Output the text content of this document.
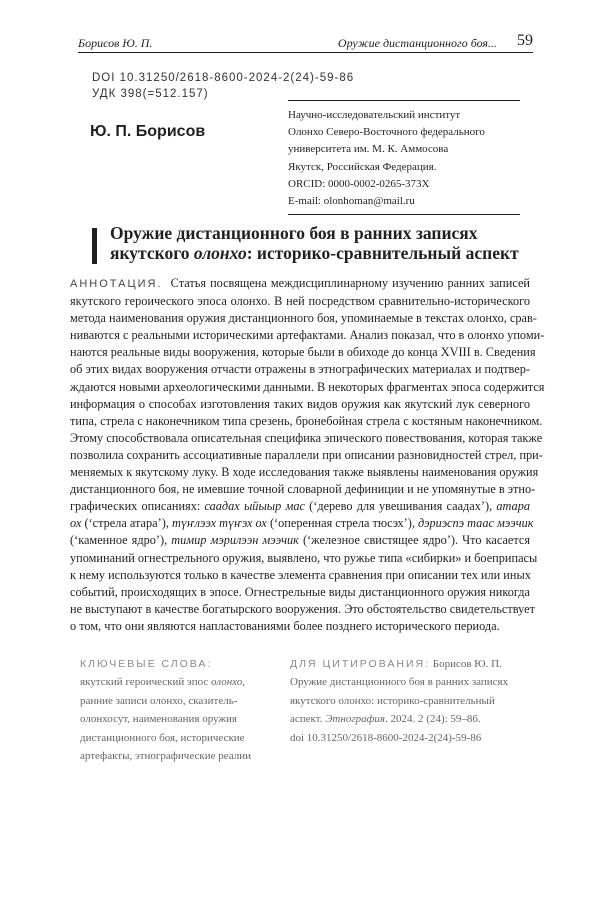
Борисов Ю. П.	Оружие дистанционного боя... 59
DOI 10.31250/2618-8600-2024-2(24)-59-86
УДК 398(=512.157)
Ю. П. Борисов
Научно-исследовательский институт
Олонхо Северо-Восточного федерального
университета им. М. К. Аммосова
Якутск, Российская Федерация.
ORCID: 0000-0002-0265-373X
E-mail: olonhoman@mail.ru
Оружие дистанционного боя в ранних записях
якутского олонхо: историко-сравнительный аспект
АННОТАЦИЯ. Статья посвящена междисциплинарному изучению ранних записей
якутского героического эпоса олонхо. В ней посредством сравнительно-исторического
метода наименования оружия дистанционного боя, упоминаемые в текстах олонхо, срав-
ниваются с реальными историческими артефактами. Анализ показал, что в олонхо упоми-
наются реальные виды вооружения, которые были в обиходе до конца XVIII в. Сведения
об этих видах вооружения отчасти отражены в этнографических материалах и подтвер-
ждаются новыми археологическими данными. В некоторых фрагментах эпоса содержится
информация о способах изготовления таких видов оружия как якутский лук северного
типа, стрела с наконечником типа срезень, бронебойная стрела с костяным наконечником.
Этому способствовала описательная специфика эпического повествования, которая также
позволила сохранить ассоциативные параллели при описании разновидностей стрел, при-
меняемых к якутскому луку. В ходе исследования также выявлены наименования оружия
дистанционного боя, не имевшие точной словарной дефиниции и не упомянутые в этно-
графических описаниях: саадах ыйыыр мас (‘дерево для увешивания саадах’), атара
ох (‘стрела атара’), түҥлээх түҥэх ох (‘оперенная стрела тюсэх’), дэриэспэ таас мээчик
(‘каменное ядро’), тимир мэрилээн мээчик (‘железное свистящее ядро’). Что касается
упоминаний огнестрельного оружия, выявлено, что ружье типа «сибирки» и боеприпасы
к нему используются только в качестве элемента сравнения при описании тех или иных
событий, происходящих в эпосе. Огнестрельные виды дистанционного оружия никогда
не выступают в качестве богатырского вооружения. Это обстоятельство свидетельствует
о том, что они являются напластованиями более позднего исторического периода.
КЛЮЧЕВЫЕ СЛОВА:
якутский героический эпос олонхо,
ранние записи олонхо, сказитель-
олонхосут, наименования оружия
дистанционного боя, исторические
артефакты, этнографические реалии
ДЛЯ ЦИТИРОВАНИЯ: Борисов Ю. П.
Оружие дистанционного боя в ранних записях
якутского олонхо: историко-сравнительный
аспект. Этнография. 2024. 2 (24): 59–86.
doi 10.31250/2618-8600-2024-2(24)-59-86
